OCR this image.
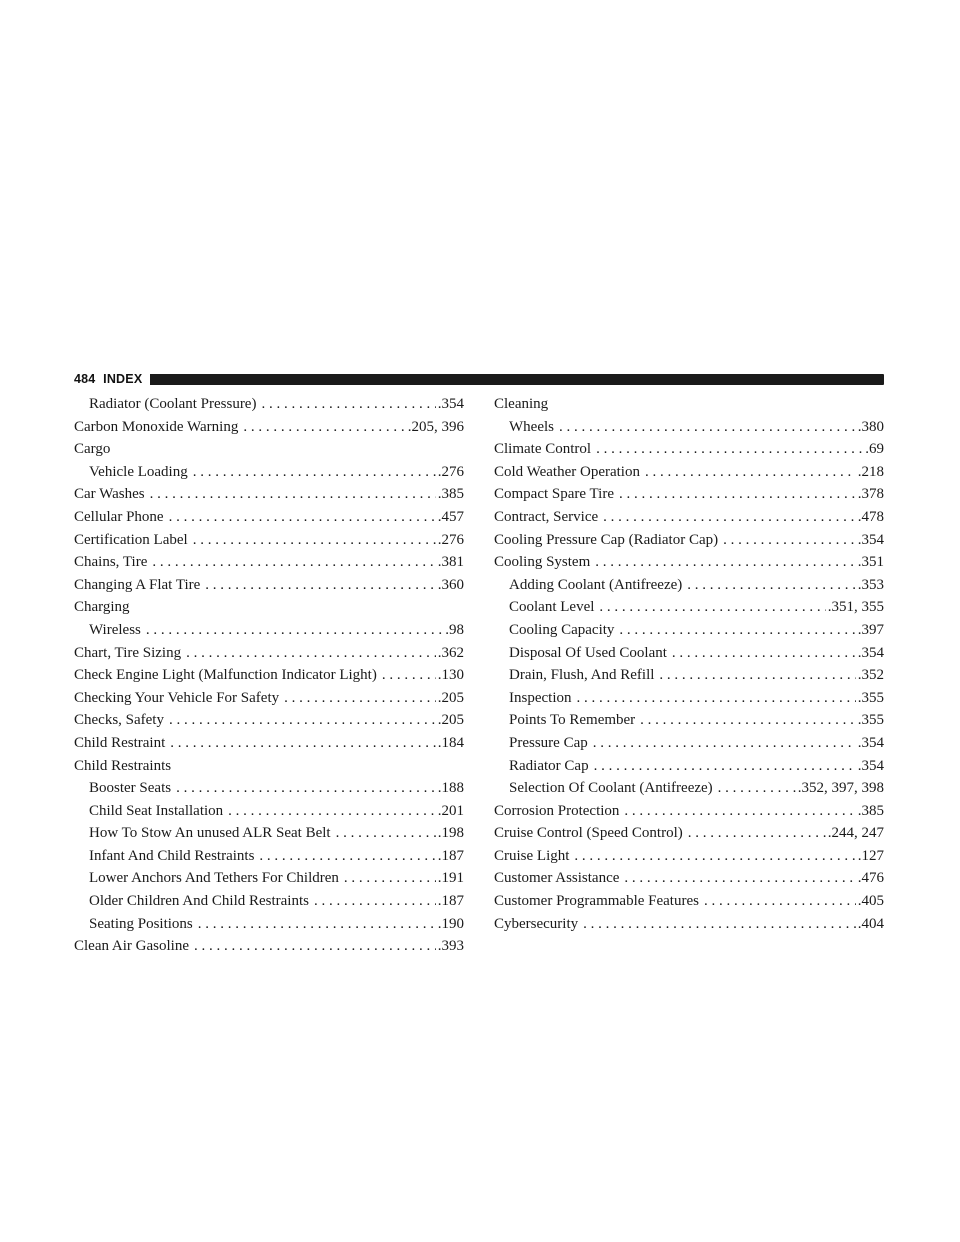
484 INDEX
Radiator (Coolant Pressure) . . .	.354
Carbon Monoxide Warning . . .	.205, 396
Cargo
Vehicle Loading . . .	.276
Car Washes . . .	.385
Cellular Phone . . .	.457
Certification Label . . .	.276
Chains, Tire . . .	.381
Changing A Flat Tire . . .	.360
Charging
Wireless . . .	.98
Chart, Tire Sizing . . .	.362
Check Engine Light (Malfunction Indicator Light) . . .	.130
Checking Your Vehicle For Safety . . .	.205
Checks, Safety . . .	.205
Child Restraint . . .	.184
Child Restraints
Booster Seats . . .	.188
Child Seat Installation . . .	.201
How To Stow An unused ALR Seat Belt . . .	.198
Infant And Child Restraints . . .	.187
Lower Anchors And Tethers For Children . . .	.191
Older Children And Child Restraints . . .	.187
Seating Positions . . .	.190
Clean Air Gasoline . . .	.393
Cleaning
Wheels . . .	.380
Climate Control . . .	.69
Cold Weather Operation . . .	.218
Compact Spare Tire . . .	.378
Contract, Service . . .	.478
Cooling Pressure Cap (Radiator Cap) . . .	.354
Cooling System . . .	.351
Adding Coolant (Antifreeze) . . .	.353
Coolant Level . . .	.351, 355
Cooling Capacity . . .	.397
Disposal Of Used Coolant . . .	.354
Drain, Flush, And Refill . . .	.352
Inspection . . .	.355
Points To Remember . . .	.355
Pressure Cap . . .	.354
Radiator Cap . . .	.354
Selection Of Coolant (Antifreeze) . . .	.352, 397, 398
Corrosion Protection . . .	.385
Cruise Control (Speed Control) . . .	.244, 247
Cruise Light . . .	.127
Customer Assistance . . .	.476
Customer Programmable Features . . .	.405
Cybersecurity . . .	.404
